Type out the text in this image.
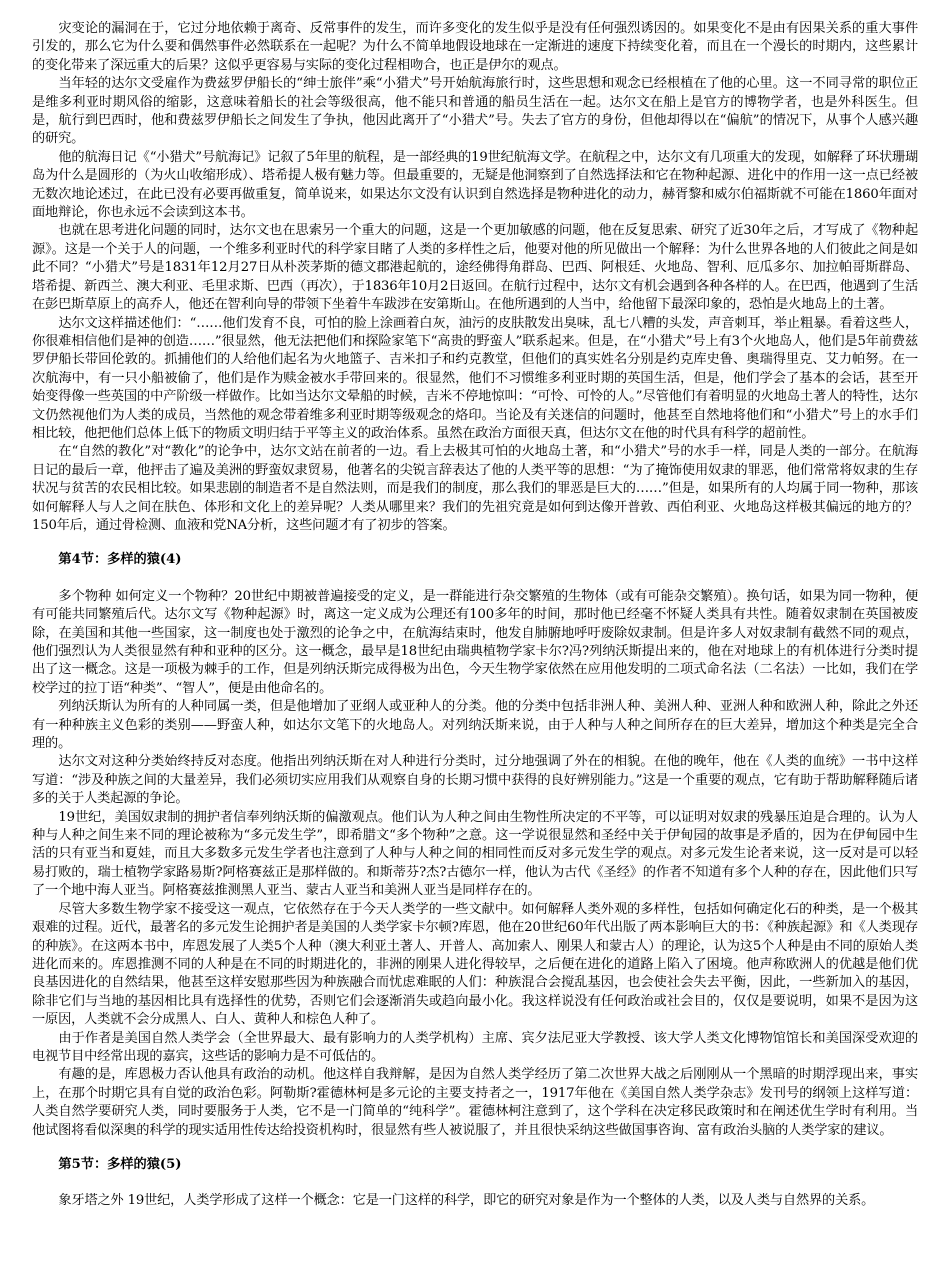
灾变论的漏洞在于，它过分地依赖于离奇、反常事件的发生，而许多变化的发生似乎是没有任何强烈诱因的。如果变化不是由有因果关系的重大事件引发的，那么它为什么要和偶然事件必然联系在一起呢？为什么不简单地假设地球在一定渐进的速度下持续变化着，而且在一个漫长的时期内，这些累计的变化带来了深远重大的后果？这似乎更容易与实际的变化过程相吻合，也正是伊尔的观点。

当年轻的达尔文受雇作为费兹罗伊船长的“绅士旅伴”乘“小猎犬”号开始航海旅行时，这些思想和观念已经根植在了他的心里。这一不同寻常的职位正是维多利亚时期风俗的缩影，这意味着船长的社会等级很高，他不能只和普通的船员生活在一起。达尔文在船上是官方的博物学者，也是外科医生。但是，航行到巴西时，他和费兹罗伊船长之间发生了争执，他因此离开了“小猎犬”号。失去了官方的身份，但他却得以在“偏航”的情况下，从事个人感兴趣的研究。

他的航海日记《“小猎犬”号航海记》记叙了5年里的航程，是一部经典的19世纪航海文学。在航程之中，达尔文有几项重大的发现，如解释了环状珊瑚岛为什么是圆形的（为火山收缩形成）、塔希提人极有魅力等。但最重要的，无疑是他洞察到了自然选择法和它在物种起源、进化中的作用一这一点已经被无数次地论述过，在此已没有必要再做重复，简单说来，如果达尔文没有认识到自然选择是物种进化的动力，赫胥黎和威尔伯福斯就不可能在1860年面对面地辩论，你也永远不会读到这本书。

也就在思考进化问题的同时，达尔文也在思索另一个重大的问题，这是一个更加敏感的问题，他在反复思索、研究了近30年之后，才写成了《物种起源》。这是一个关于人的问题，一个维多利亚时代的科学家目睹了人类的多样性之后，他要对他的所见做出一个解释：为什么世界各地的人们彼此之间是如此不同？“小猎犬”号是1831年12月27日从朴茨茅斯的德文郡港起航的，途经佛得角群岛、巴西、阿根廷、火地岛、智利、厄瓜多尔、加拉帕哥斯群岛、塔希提、新西兰、澳大利亚、毛里求斯、巴西（再次），于1836年10月2日返回。在航行过程中，达尔文有机会遇到各种各样的人。在巴西，他遇到了生活在彭巴斯草原上的高乔人，他还在智利向导的带领下坐着牛车跋涉在安第斯山。在他所遇到的人当中，给他留下最深印象的，恐怕是火地岛上的土著。

达尔文这样描述他们：“……他们发育不良，可怕的脸上涂画着白灰，油污的皮肤散发出臭味，乱七八糟的头发，声音刺耳，举止粗暴。看着这些人，你很难相信他们是神的创造……”很显然，他无法把他们和探险家笔下“高贵的野蛮人”联系起来。但是，在“小猎犬”号上有3个火地岛人，他们是5年前费兹罗伊船长带回伦敦的。抓捕他们的人给他们起名为火地篮子、吉米扣子和约克教堂，但他们的真实姓名分别是约克库史鲁、奥瑞得里克、艾力帕努。在一次航海中，有一只小船被偷了，他们是作为赎金被水手带回来的。很显然，他们不习惯维多利亚时期的英国生活，但是，他们学会了基本的会话，甚至开始变得像一些英国的中产阶级一样做作。比如当达尔文晕船的时候，吉米不停地惊叫：“可怜、可怜的人。”尽管他们有着明显的火地岛土著人的特性，达尔文仍然视他们为人类的成员，当然他的观念带着维多利亚时期等级观念的烙印。当论及有关迷信的问题时，他甚至自然地将他们和“小猎犬”号上的水手们相比较，他把他们总体上低下的物质文明归结于平等主义的政治体系。虽然在政治方面很天真，但达尔文在他的时代具有科学的超前性。

在“自然的教化”对“教化”的论争中，达尔文站在前者的一边。看上去极其可怕的火地岛土著，和“小猎犬”号的水手一样，同是人类的一部分。在航海日记的最后一章，他抨击了遍及美洲的野蛮奴隶贸易，他著名的尖锐言辞表达了他的人类平等的思想：“为了掩饰使用奴隶的罪恶，他们常常将奴隶的生存状况与贫苦的农民相比较。如果悲剧的制造者不是自然法则，而是我们的制度，那么我们的罪恶是巨大的……”但是，如果所有的人均属于同一物种，那该如何解释人与人之间在肤色、体形和文化上的差异呢？人类从哪里来？我们的先祖究竟是如何到达像开普敦、西伯利亚、火地岛这样极其偏远的地方的？150年后，通过骨检测、血液和党NA分析，这些问题才有了初步的答案。

第4节：多样的猿(4)

多个物种 如何定义一个物种？20世纪中期被普遍接受的定义，是一群能进行杂交繁殖的生物体（或有可能杂交繁殖）。换句话，如果为同一物种，便有可能共同繁殖后代。达尔文写《物种起源》时，离这一定义成为公理还有100多年的时间，那时他已经毫不怀疑人类具有共性。随着奴隶制在英国被废除，在美国和其他一些国家，这一制度也处于激烈的论争之中，在航海结束时，他发自肺腑地呼吁废除奴隶制。但是许多人对奴隶制有截然不同的观点，他们强烈认为人类很显然有种和亚种的区分。这一概念，最早是18世纪由瑞典植物学家卡尔?冯?列纳沃斯提出来的，他在对地球上的有机体进行分类时提出了这一概念。这是一项极为棘手的工作，但是列纳沃斯完成得极为出色，今天生物学家依然在应用他发明的二项式命名法（二名法）一比如，我们在学校学过的拉丁语“种类”、“智人”，便是由他命名的。

列纳沃斯认为所有的人种同属一类，但是他增加了亚纲人或亚种人的分类。他的分类中包括非洲人种、美洲人种、亚洲人种和欧洲人种，除此之外还有一种种族主义色彩的类别——野蛮人种，如达尔文笔下的火地岛人。对列纳沃斯来说，由于人种与人种之间所存在的巨大差异，增加这个种类是完全合理的。

达尔文对这种分类始终持反对态度。他指出列纳沃斯在对人种进行分类时，过分地强调了外在的相貌。在他的晚年，他在《人类的血统》一书中这样写道：“涉及种族之间的大量差异，我们必须切实应用我们从观察自身的长期习惯中获得的良好辨别能力。”这是一个重要的观点，它有助于帮助解释随后诸多的关于人类起源的争论。

19世纪，美国奴隶制的拥护者信奉列纳沃斯的偏激观点。他们认为人种之间由生物性所决定的不平等，可以证明对奴隶的残暴压迫是合理的。认为人种与人种之间生来不同的理论被称为“多元发生学”，即希腊文“多个物种”之意。这一学说很显然和圣经中关于伊甸园的故事是矛盾的，因为在伊甸园中生活的只有亚当和夏娃，而且大多数多元发生学者也注意到了人种与人种之间的相同性而反对多元发生学的观点。对多元发生论者来说，这一反对是可以轻易打败的，瑞士植物学家路易斯?阿格赛兹正是那样做的。和斯蒂芬?杰?古德尔一样，他认为古代《圣经》的作者不知道有多个人种的存在，因此他们只写了一个地中海人亚当。阿格赛兹推测黑人亚当、蒙古人亚当和美洲人亚当是同样存在的。

尽管大多数生物学家不接受这一观点，它依然存在于今天人类学的一些文献中。如何解释人类外观的多样性，包括如何确定化石的种类，是一个极其艰难的过程。近代，最著名的多元发生论拥护者是美国的人类学家卡尔顿?库恩，他在20世纪60年代出版了两本影响巨大的书：《种族起源》和《人类现存的种族》。在这两本书中，库恩发展了人类5个人种（澳大利亚土著人、开普人、高加索人、刚果人和蒙古人）的理论，认为这5个人种是由不同的原始人类进化而来的。库恩推测不同的人种是在不同的时期进化的，非洲的刚果人进化得较早，之后便在进化的道路上陷入了困境。他声称欧洲人的优越是他们优良基因进化的自然结果，他甚至这样安慰那些因为种族融合而忧虑难眠的人们：种族混合会搅乱基因，也会使社会失去平衡，因此，一些新加入的基因，除非它们与当地的基因相比具有选择性的优势，否则它们会逐渐消失或趋向最小化。我这样说没有任何政治或社会目的，仅仅是要说明，如果不是因为这一原因，人类就不会分成黑人、白人、黄种人和棕色人种了。

由于作者是美国自然人类学会（全世界最大、最有影响力的人类学机构）主席、宾夕法尼亚大学教授、该大学人类文化博物馆馆长和美国深受欢迎的电视节目中经常出现的嘉宾，这些话的影响力是不可低估的。

有趣的是，库恩极力否认他具有政治的动机。他这样自我辩解，是因为自然人类学经历了第二次世界大战之后刚刚从一个黑暗的时期浮现出来，事实上，在那个时期它具有自觉的政治色彩。阿勒斯?霍德林柯是多元论的主要支持者之一，1917年他在《美国自然人类学杂志》发刊号的纲领上这样写道：人类自然学要研究人类，同时要服务于人类，它不是一门简单的“纯科学”。霍德林柯注意到了，这个学科在决定移民政策时和在阐述优生学时有利用。当他试图将看似深奥的科学的现实适用性传达给投资机构时，很显然有些人被说服了，并且很快采纳这些做国事咨询、富有政治头脑的人类学家的建议。

第5节：多样的猿(5)

象牙塔之外 19世纪，人类学形成了这样一个概念：它是一门这样的科学，即它的研究对象是作为一个整体的人类，以及人类与自然界的关系。
